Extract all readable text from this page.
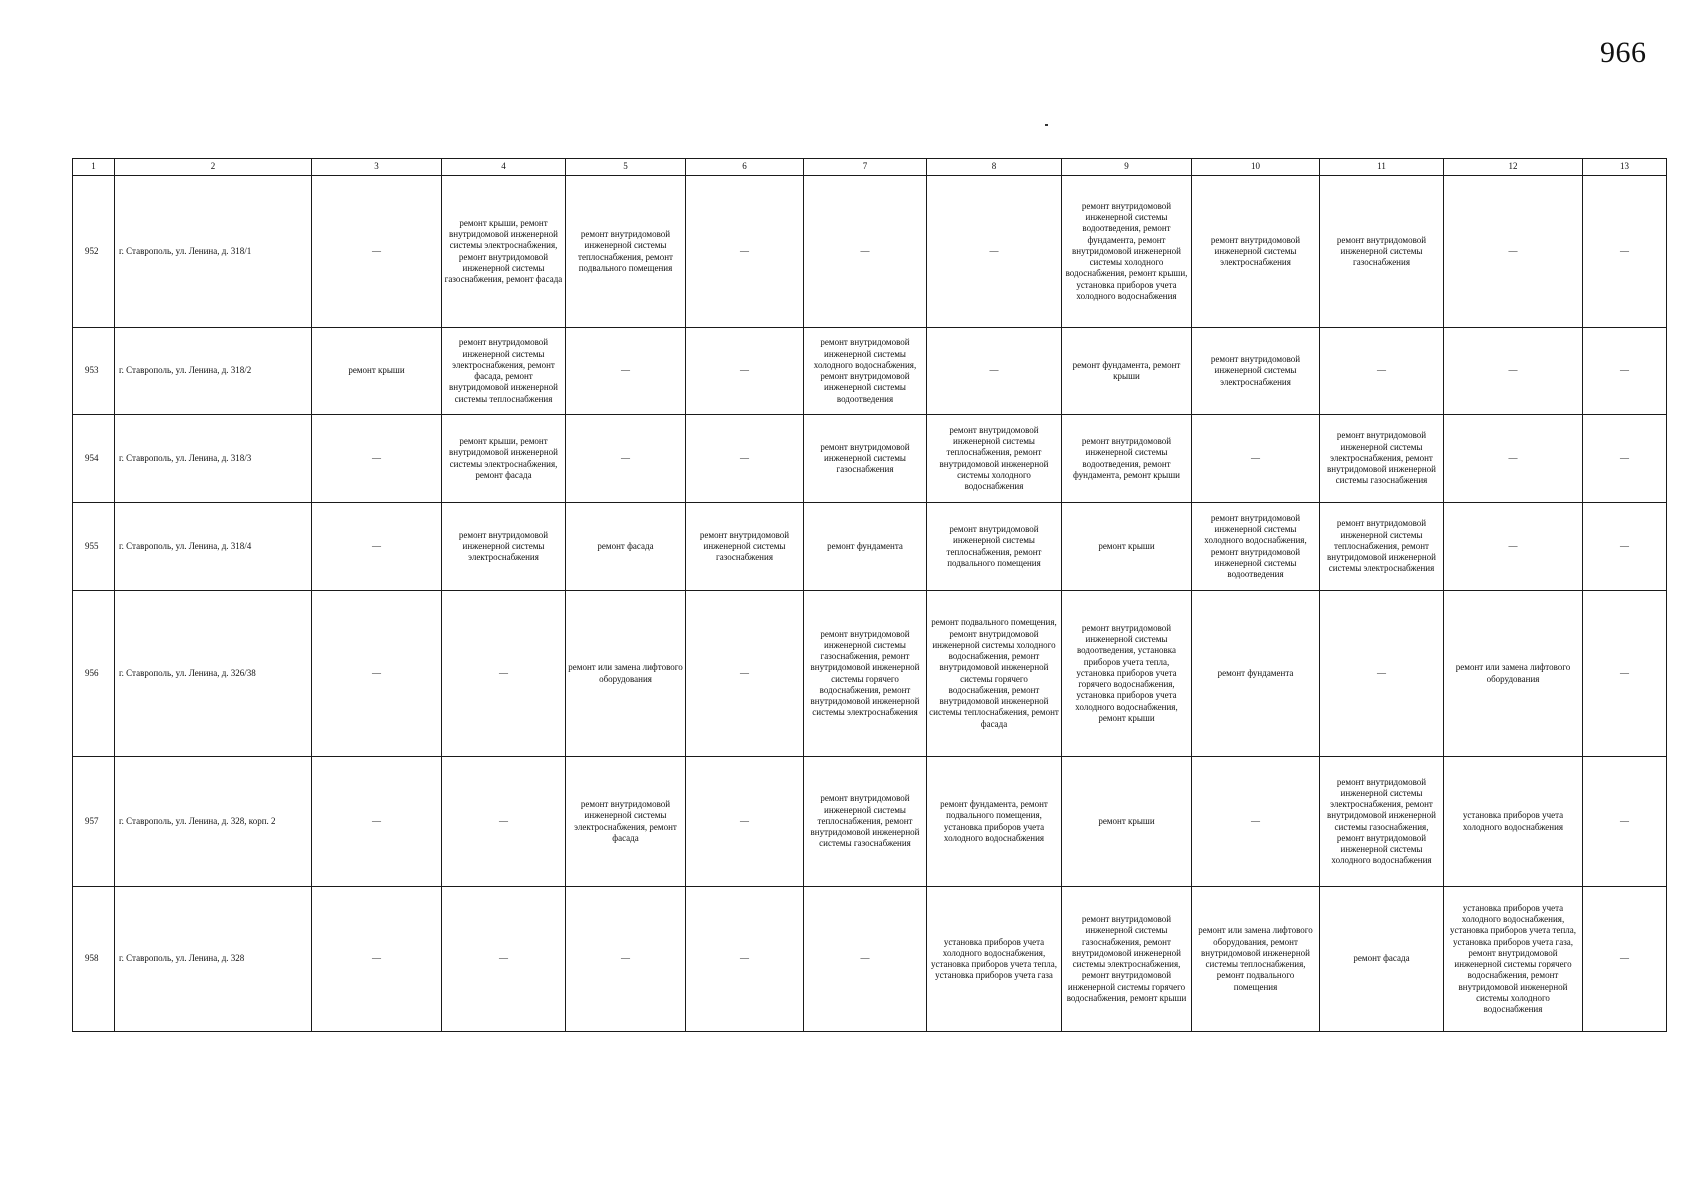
966
1	2	3	4	5	6	7	8	9	10	11	12	13
952	г. Ставрополь, ул. Ленина, д. 318/1	—	ремонт крыши, ремонт внутридомовой инженерной системы электроснабжения, ремонт внутридомовой инженерной системы газоснабжения, ремонт фасада	ремонт внутридомовой инженерной системы теплоснабжения, ремонт подвального помещения	—	—	—	ремонт внутридомовой инженерной системы водоотведения, ремонт фундамента, ремонт внутридомовой инженерной системы холодного водоснабжения, ремонт крыши, установка приборов учета холодного водоснабжения	ремонт внутридомовой инженерной системы электроснабжения	ремонт внутридомовой инженерной системы газоснабжения	—	—
953	г. Ставрополь, ул. Ленина, д. 318/2	ремонт крыши	ремонт внутридомовой инженерной системы электроснабжения, ремонт фасада, ремонт внутридомовой инженерной системы теплоснабжения	—	—	ремонт внутридомовой инженерной системы холодного водоснабжения, ремонт внутридомовой инженерной системы водоотведения	—	ремонт фундамента, ремонт крыши	ремонт внутридомовой инженерной системы электроснабжения	—	—	—
954	г. Ставрополь, ул. Ленина, д. 318/3	—	ремонт крыши, ремонт внутридомовой инженерной системы электроснабжения, ремонт фасада	—	—	ремонт внутридомовой инженерной системы газоснабжения	ремонт внутридомовой инженерной системы теплоснабжения, ремонт внутридомовой инженерной системы холодного водоснабжения	ремонт внутридомовой инженерной системы водоотведения, ремонт фундамента, ремонт крыши	—	ремонт внутридомовой инженерной системы электроснабжения, ремонт внутридомовой инженерной системы газоснабжения	—	—
955	г. Ставрополь, ул. Ленина, д. 318/4	—	ремонт внутридомовой инженерной системы электроснабжения	ремонт фасада	ремонт внутридомовой инженерной системы газоснабжения	ремонт фундамента	ремонт внутридомовой инженерной системы теплоснабжения, ремонт подвального помещения	ремонт крыши	ремонт внутридомовой инженерной системы холодного водоснабжения, ремонт внутридомовой инженерной системы водоотведения	ремонт внутридомовой инженерной системы теплоснабжения, ремонт внутридомовой инженерной системы электроснабжения	—	—
956	г. Ставрополь, ул. Ленина, д. 326/38	—	—	ремонт или замена лифтового оборудования	—	ремонт внутридомовой инженерной системы газоснабжения, ремонт внутридомовой инженерной системы горячего водоснабжения, ремонт внутридомовой инженерной системы электроснабжения	ремонт подвального помещения, ремонт внутридомовой инженерной системы холодного водоснабжения, ремонт внутридомовой инженерной системы горячего водоснабжения, ремонт внутридомовой инженерной системы теплоснабжения, ремонт фасада	ремонт внутридомовой инженерной системы водоотведения, установка приборов учета тепла, установка приборов учета горячего водоснабжения, установка приборов учета холодного водоснабжения, ремонт крыши	ремонт фундамента	—	ремонт или замена лифтового оборудования	—
957	г. Ставрополь, ул. Ленина, д. 328, корп. 2	—	—	ремонт внутридомовой инженерной системы электроснабжения, ремонт фасада	—	ремонт внутридомовой инженерной системы теплоснабжения, ремонт внутридомовой инженерной системы газоснабжения	ремонт фундамента, ремонт подвального помещения, установка приборов учета холодного водоснабжения	ремонт крыши	—	ремонт внутридомовой инженерной системы электроснабжения, ремонт внутридомовой инженерной системы газоснабжения, ремонт внутридомовой инженерной системы холодного водоснабжения	установка приборов учета холодного водоснабжения	—
958	г. Ставрополь, ул. Ленина, д. 328	—	—	—	—	—	установка приборов учета холодного водоснабжения, установка приборов учета тепла, установка приборов учета газа	ремонт внутридомовой инженерной системы газоснабжения, ремонт внутридомовой инженерной системы электроснабжения, ремонт внутридомовой инженерной системы горячего водоснабжения, ремонт крыши	ремонт или замена лифтового оборудования, ремонт внутридомовой инженерной системы теплоснабжения, ремонт подвального помещения	ремонт фасада	установка приборов учета холодного водоснабжения, установка приборов учета тепла, установка приборов учета газа, ремонт внутридомовой инженерной системы горячего водоснабжения, ремонт внутридомовой инженерной системы холодного водоснабжения	—
